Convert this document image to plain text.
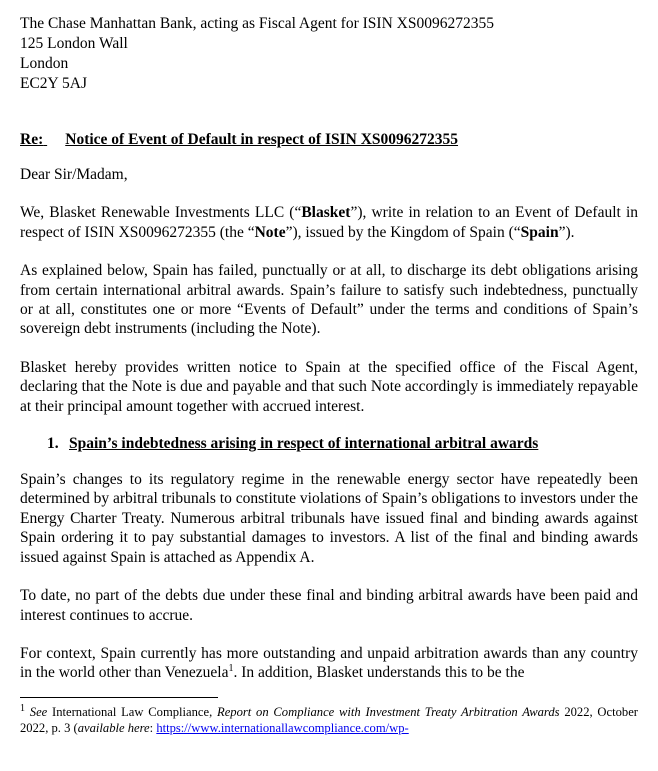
The Chase Manhattan Bank, acting as Fiscal Agent for ISIN XS0096272355
125 London Wall
London
EC2Y 5AJ
Re: Notice of Event of Default in respect of ISIN XS0096272355

Dear Sir/Madam,

We, Blasket Renewable Investments LLC (“Blasket”), write in relation to an Event of Default in respect of ISIN XS0096272355 (the “Note”), issued by the Kingdom of Spain (“Spain”).

As explained below, Spain has failed, punctually or at all, to discharge its debt obligations arising from certain international arbitral awards. Spain’s failure to satisfy such indebtedness, punctually or at all, constitutes one or more “Events of Default” under the terms and conditions of Spain’s sovereign debt instruments (including the Note).

Blasket hereby provides written notice to Spain at the specified office of the Fiscal Agent, declaring that the Note is due and payable and that such Note accordingly is immediately repayable at their principal amount together with accrued interest.

1. Spain’s indebtedness arising in respect of international arbitral awards

Spain’s changes to its regulatory regime in the renewable energy sector have repeatedly been determined by arbitral tribunals to constitute violations of Spain’s obligations to investors under the Energy Charter Treaty. Numerous arbitral tribunals have issued final and binding awards against Spain ordering it to pay substantial damages to investors. A list of the final and binding awards issued against Spain is attached as Appendix A.

To date, no part of the debts due under these final and binding arbitral awards have been paid and interest continues to accrue.

For context, Spain currently has more outstanding and unpaid arbitration awards than any country in the world other than Venezuela$^1$. In addition, Blasket understands this to be the

$^1$ See International Law Compliance, Report on Compliance with Investment Treaty Arbitration Awards 2022, October 2022, p. 3 (available here: https://www.internationallawcompliance.com/wp-
